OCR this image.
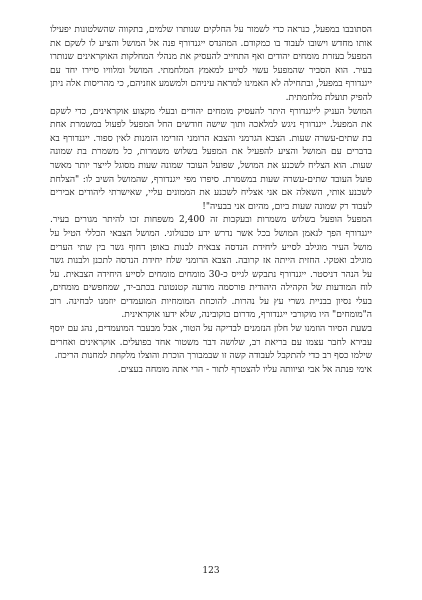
הסתובבו במפעל, כנראה כדי לשמור על החלקים שנותרו שלמים, בתקווה שהשלטונות יפעילו אותו מחדש וישובו לעבוד בו כמקודם. המהנדס ייגנדורף פנה אל המושל והציע לו לשקם את המפעל בעזרת מומחים יהודים ואף התחייב להעסיק את מנהלי המחלקות האוקראינים שנותרו בעיר. הוא הסביר שהמפעל עשוי לסייע למאמץ המלחמתי. המושל ומלוויו סיירו יחד עם ייגנדורף במפעל, ובתחילה לא האמינו למראה עיניהם ולמשמע אוזניהם, כי מהריסות אלה ניתן להפיק תועלת מלחמתית.

המושל העניק לייגנדורף היתר להעסיק מומחים יהודים ובעלי מקצוע אוקראינים, כדי לשקם את המפעל. ייגנדורף ניגש למלאכה ותוך שישה חודשים החל המפעל לפעול במשמרת אחת בת שתים-עשרה שעות. הצבא הגרמני והצבא הרומני הזרימו הזמנות לאין ספור. ייגנדורף בא בדברים עם המושל והציע להפעיל את המפעל בשלוש משמרות, כל משמרת בת שמונה שעות. הוא הצליח לשכנע את המושל, שפועל העובד שמונה שעות מסוגל לייצר יותר מאשר פועל העובד שתים-עשרה שעות במשמרת. סיפרו מפי ייגנדורף, שהמושל השיב לו: "הצלחת לשכנע אותי, השאלה אם אני אצליח לשכנע את הממונים עליי, שאישרתי ליהודים אבירים לעבוד רק שמונה שעות ביום, מהיום אני בבעיה"!

המפעל הופעל בשלוש משמרות ובעקבות זה 2,400 משפחות זכו להיתר מגורים בעיר. ייגנדורף הפך לנאמן המושל בכל אשר נדרש ידע טכנולוגי. המושל הצבאי הכללי הטיל על מושל העיר מוגילב לסייע ליחידת הנדסה צבאית לבנות באופן דחוף גשר בין שתי הערים מוגילב ואטקי. החזית הייתה אז קרובה. הצבא הרומני שלח יחידת הנדסה לתכנן ולבנות גשר על הנהר דניסטר. ייגנדורף נתבקש לגייס כ-30 מומחים מומחים לסייע היחידה הצבאית. על לוח המודעות של הקהילה היהודית פורסמה מודעה קטנטונת בכתב-יד, שמחפשים מומחים, בעלי נסיון בבניית גשרי עץ על נהרות. להוכחת המומחיות המועמדים יוזמנו לבחינה. רוב ה"מומחים" היו מוקורבי ייגנדורף, מדרום בוקובינה, שלא ידעו אוקראינית.

בשעת הסיור הוזמנו של חלון הנזמנים לבדיקה על הטור, אבל מבעבר המועמדים, נהג עם יוסף עבירא לחבר עצמו עם בריאת רב, שלושה דבר משטור אחד בפועלים. אוקראינים ואחרים שילמו כסף רב כדי להתקבל לעבודה קשה זו שבמבורך הוכרת והוצלו מלקחת למחנות הריכוז.

אימי פנתה אל אבי וציוותה עליו להצטרף לתור - הרי אתה מומחה בעצים.

123
